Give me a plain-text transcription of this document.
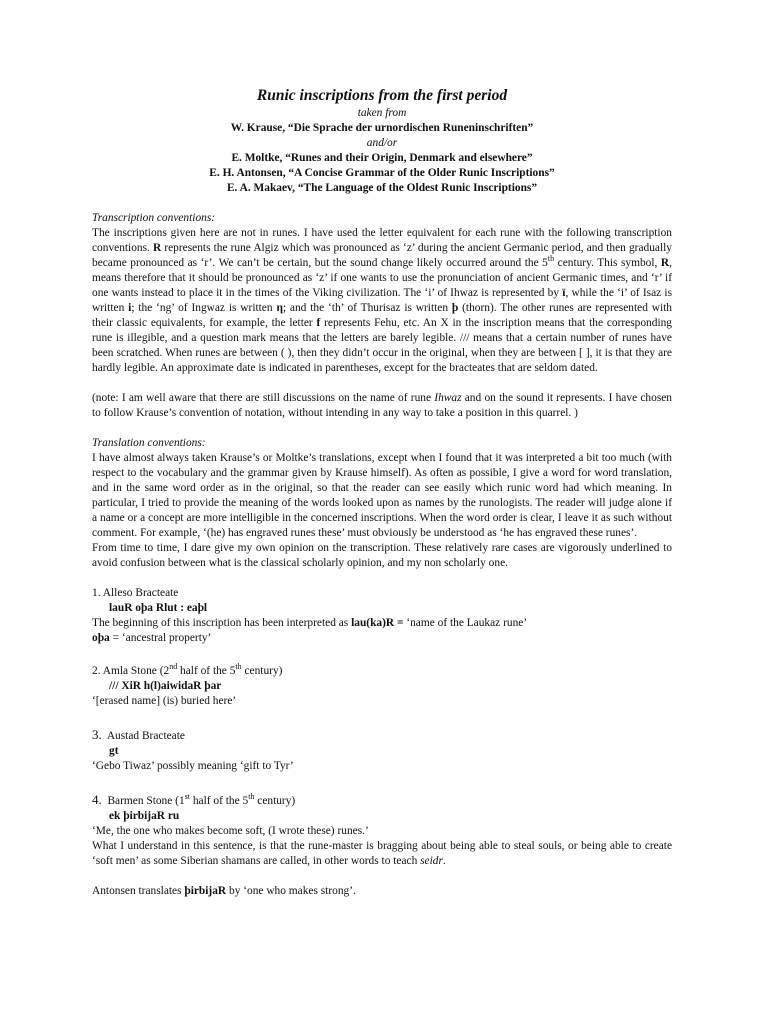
Runic inscriptions from the first period
taken from
W. Krause, “Die Sprache der urnordischen Runeninschriften”
and/or
E. Moltke, “Runes and their Origin, Denmark and elsewhere”
E. H. Antonsen, “A Concise Grammar of the Older Runic Inscriptions”
E. A. Makaev, “The Language of the Oldest Runic Inscriptions”
Transcription conventions:

The inscriptions given here are not in runes. I have used the letter equivalent for each rune with the following transcription conventions. R represents the rune Algiz which was pronounced as ‘z’ during the ancient Germanic period, and then gradually became pronounced as ‘r’. We can’t be certain, but the sound change likely occurred around the 5th century. This symbol, R, means therefore that it should be pronounced as ‘z’ if one wants to use the pronunciation of ancient Germanic times, and ‘r’ if one wants instead to place it in the times of the Viking civilization. The ‘i’ of Ihwaz is represented by ï, while the ‘i’ of Isaz is written i; the ‘ng’ of Ingwaz is written η; and the ‘th’ of Thurisaz is written þ (thorn). The other runes are represented with their classic equivalents, for example, the letter f represents Fehu, etc. An X in the inscription means that the corresponding rune is illegible, and a question mark means that the letters are barely legible. /// means that a certain number of runes have been scratched. When runes are between ( ), then they didn’t occur in the original, when they are between [ ], it is that they are hardly legible. An approximate date is indicated in parentheses, except for the bracteates that are seldom dated.

(note: I am well aware that there are still discussions on the name of rune Ihwaz and on the sound it represents. I have chosen to follow Krause’s convention of notation, without intending in any way to take a position in this quarrel. )

Translation conventions:

I have almost always taken Krause’s or Moltke’s translations, except when I found that it was interpreted a bit too much (with respect to the vocabulary and the grammar given by Krause himself). As often as possible, I give a word for word translation, and in the same word order as in the original, so that the reader can see easily which runic word had which meaning. In particular, I tried to provide the meaning of the words looked upon as names by the runologists. The reader will judge alone if a name or a concept are more intelligible in the concerned inscriptions. When the word order is clear, I leave it as such without comment. For example, ‘(he) has engraved runes these’ must obviously be understood as ‘he has engraved these runes’.

From time to time, I dare give my own opinion on the transcription. These relatively rare cases are vigorously underlined to avoid confusion between what is the classical scholarly opinion, and my non scholarly one.

1. Alleso Bracteate
lauR oþa Rlut : eaþl
The beginning of this inscription has been interpreted as lau(ka)R = ‘name of the Laukaz rune’
oþa = ‘ancestral property’
2. Amla Stone (2nd half of the 5th century)
/// XiR h(l)aiwidaR þar
‘[erased name] (is) buried here’
3. Austad Bracteate
gt
‘Gebo Tiwaz’ possibly meaning ‘gift to Tyr’
4. Barmen Stone (1st half of the 5th century)
ek þirbijaR ru
‘Me, the one who makes become soft, (I wrote these) runes.’

What I understand in this sentence, is that the rune-master is bragging about being able to steal souls, or being able to create ‘soft men’ as some Siberian shamans are called, in other words to teach seidr.

Antonsen translates þirbijaR by ‘one who makes strong’.
